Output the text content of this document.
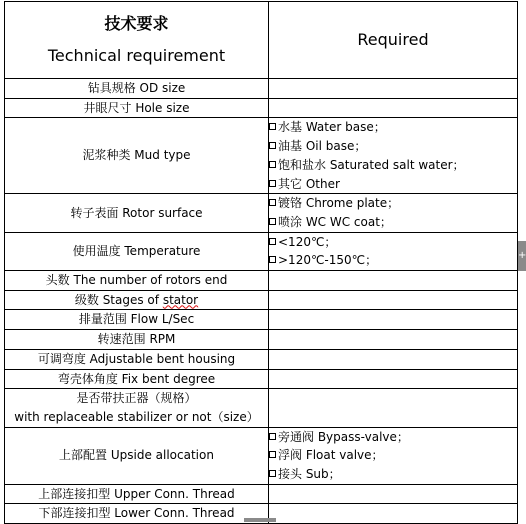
技术要求
Technical requirement	Required
钻具规格 OD size	
井眼尺寸 Hole size	
泥浆种类 Mud type	水基 Water base；
油基 Oil base；
饱和盐水 Saturated salt water；
其它 Other

转子表面 Rotor surface	镀铬 Chrome plate；
喷涂 WC WC coat；

使用温度 Temperature	<120℃；
>120℃-150℃；

头数 The number of rotors end	
级数 Stages of stator	
排量范围 Flow L/Sec	
转速范围 RPM	
可调弯度 Adjustable bent housing	
弯壳体角度 Fix bent degree	

是否带扶正器（规格）
with replaceable stabilizer or not（size）	

上部配置 Upside allocation	旁通阀 Bypass-valve；
浮阀 Float valve；
接头 Sub；

上部连接扣型 Upper Conn. Thread	
下部连接扣型 Lower Conn. Thread	
+
